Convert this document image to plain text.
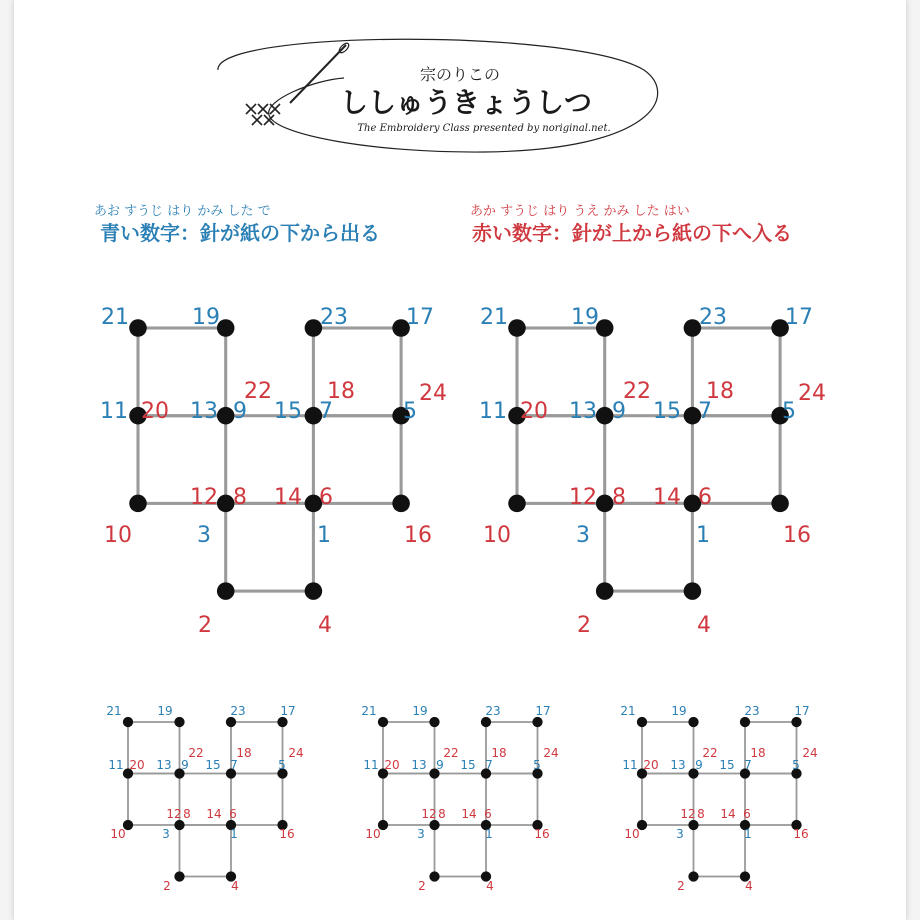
宗のりこの
ししゅうきょうしつ
The Embroidery Class presented by noriginal.net.
あお すうじ はり かみ した で
青い数字：針が紙の下から出る
あか すうじ はり うえ かみ した はい
赤い数字：針が上から紙の下へ入る
21	19	23	17
22	18	24
11 20 13 9 15 7	5
12 8 14 6
10	3	1	16
2	4
21	19	23	17
22	18	24
11 20 13 9 15 7	5
12 8 14 6
10	3	1	16
2	4
21	19	23	17
22	18	24
11 20 13 9 15 7	5
12 8 14 6
10	3	1	16
2	4
21	19	23	17
22	18	24
11 20 13 9 15 7	5
12 8 14 6
10	3	1	16
2	4
21	19	23	17
22	18	24
11 20 13 9 15 7	5
12 8 14 6
10	3	1	16
2	4
